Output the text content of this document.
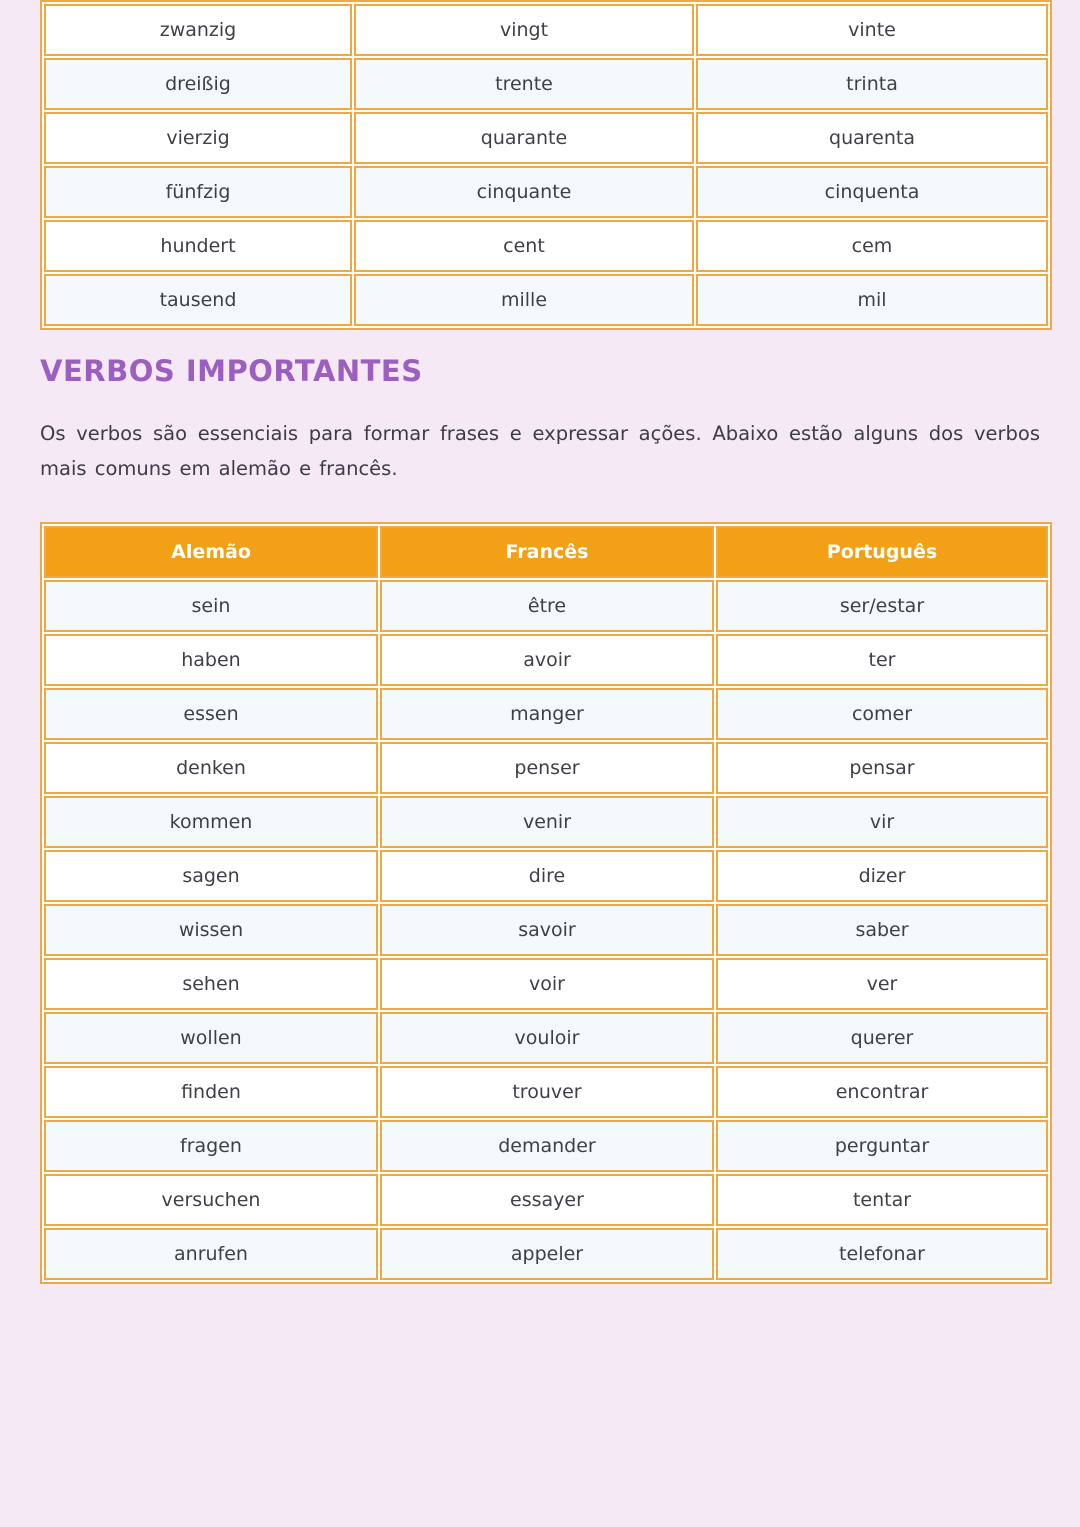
zwanzig	vingt	vinte
dreißig	trente	trinta
vierzig	quarante	quarenta
fünfzig	cinquante	cinquenta
hundert	cent	cem
tausend	mille	mil
VERBOS IMPORTANTES

Os verbos são essenciais para formar frases e expressar ações. Abaixo estão alguns dos verbos mais comuns em alemão e francês.

Alemão	Francês	Português
sein	être	ser/estar
haben	avoir	ter
essen	manger	comer
denken	penser	pensar
kommen	venir	vir
sagen	dire	dizer
wissen	savoir	saber
sehen	voir	ver
wollen	vouloir	querer
finden	trouver	encontrar
fragen	demander	perguntar
versuchen	essayer	tentar
anrufen	appeler	telefonar
